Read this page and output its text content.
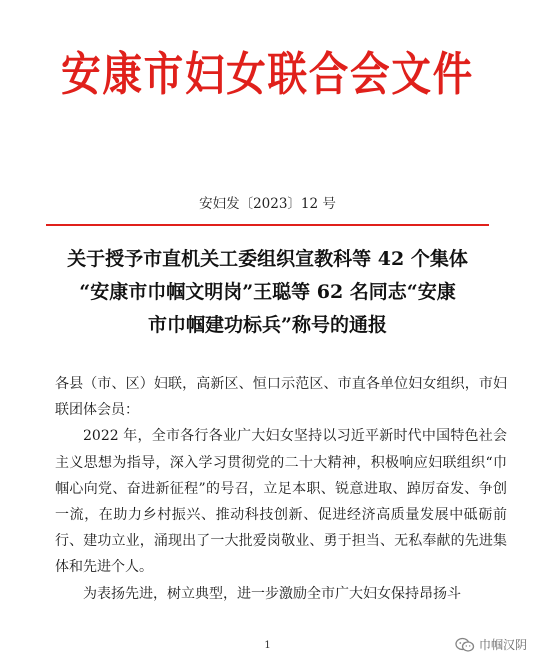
安康市妇女联合会文件
安妇发〔2023〕12 号
关于授予市直机关工委组织宣教科等 42 个集体
“安康市巾帼文明岗”王聪等 62 名同志“安康
市巾帼建功标兵”称号的通报

各县（市、区）妇联，高新区、恒口示范区、市直各单位妇女组织，市妇联团体会员：

2022 年，全市各行各业广大妇女坚持以习近平新时代中国特色社会主义思想为指导，深入学习贯彻党的二十大精神，积极响应妇联组织“巾帼心向党、奋进新征程”的号召，立足本职、锐意进取、踔厉奋发、争创一流，在助力乡村振兴、推动科技创新、促进经济高质量发展中砥砺前行、建功立业，涌现出了一大批爱岗敬业、勇于担当、无私奉献的先进集体和先进个人。

为表扬先进，树立典型，进一步激励全市广大妇女保持昂扬斗

1	巾帼汉阴
